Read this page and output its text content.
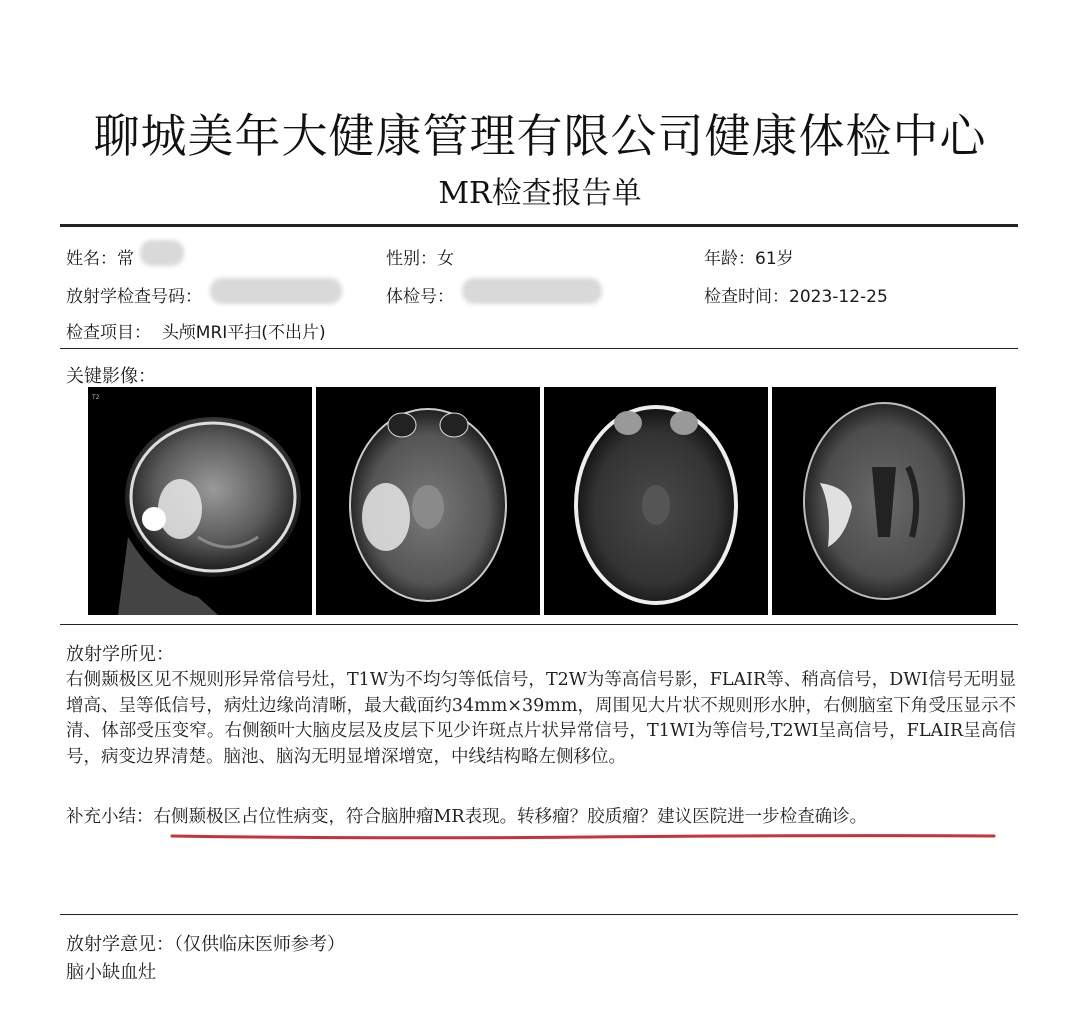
聊城美年大健康管理有限公司健康体检中心
MR检查报告单
姓名：常	性别：女	年龄：61岁
放射学检查号码：	体检号：	检查时间：2023-12-25
检查项目： 头颅MRI平扫(不出片)
关键影像：
T2
放射学所见：
右侧颞极区见不规则形异常信号灶，T1W为不均匀等低信号，T2W为等高信号影，FLAIR等、稍高信号，DWI信号无明显增高、呈等低信号，病灶边缘尚清晰，最大截面约34mm×39mm，周围见大片状不规则形水肿，右侧脑室下角受压显示不清、体部受压变窄。右侧额叶大脑皮层及皮层下见少许斑点片状异常信号，T1WI为等信号,T2WI呈高信号，FLAIR呈高信号，病变边界清楚。脑池、脑沟无明显增深增宽，中线结构略左侧移位。
补充小结：右侧颞极区占位性病变，符合脑肿瘤MR表现。转移瘤？胶质瘤？建议医院进一步检查确诊。
放射学意见：（仅供临床医师参考）
脑小缺血灶
